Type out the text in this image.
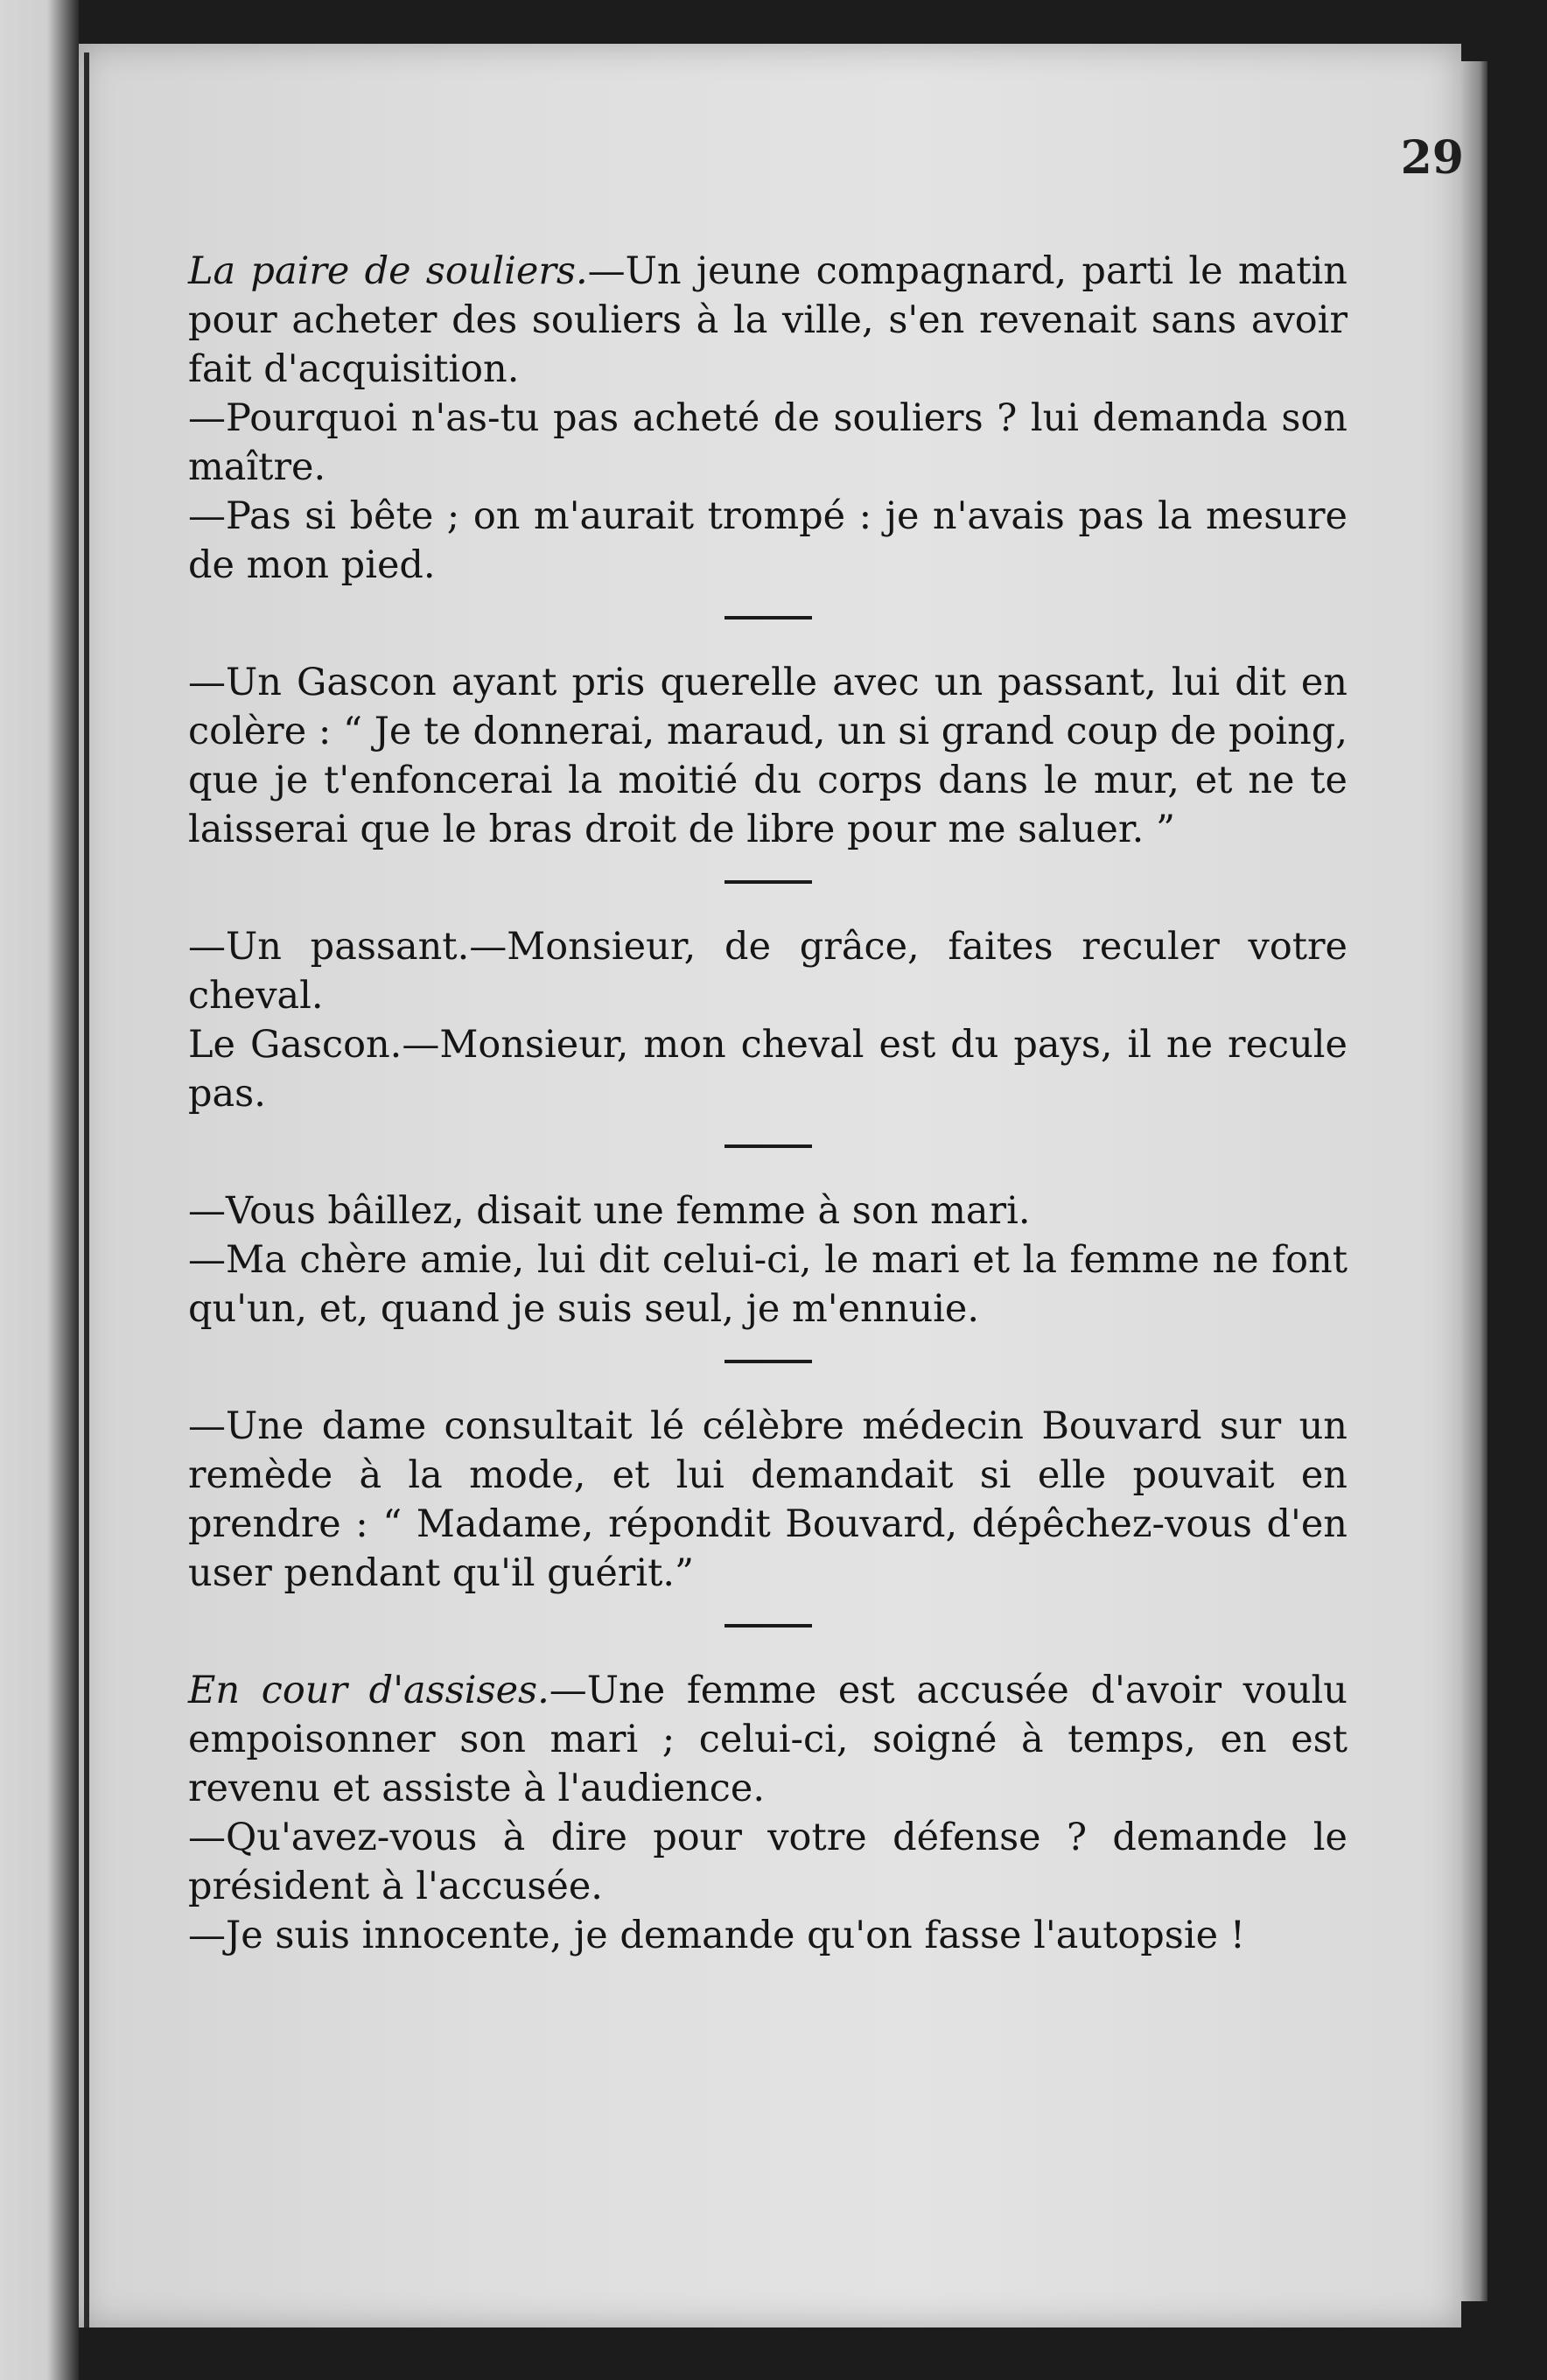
29

La paire de souliers.—Un jeune compagnard, parti le matin pour acheter des souliers à la ville, s'en revenait sans avoir fait d'acquisition.

—Pourquoi n'as-tu pas acheté de souliers ? lui demanda son maître.

—Pas si bête ; on m'aurait trompé : je n'avais pas la mesure de mon pied.

—Un Gascon ayant pris querelle avec un passant, lui dit en colère : “ Je te donnerai, maraud, un si grand coup de poing, que je t'enfoncerai la moitié du corps dans le mur, et ne te laisserai que le bras droit de libre pour me saluer. ”

—Un passant.—Monsieur, de grâce, faites reculer votre cheval.

Le Gascon.—Monsieur, mon cheval est du pays, il ne recule pas.

—Vous bâillez, disait une femme à son mari.

—Ma chère amie, lui dit celui-ci, le mari et la femme ne font qu'un, et, quand je suis seul, je m'ennuie.

—Une dame consultait lé célèbre médecin Bouvard sur un remède à la mode, et lui demandait si elle pouvait en prendre : “ Madame, répondit Bouvard, dépêchez-vous d'en user pendant qu'il guérit.”

En cour d'assises.—Une femme est accusée d'avoir voulu empoisonner son mari ; celui-ci, soigné à temps, en est revenu et assiste à l'audience.

—Qu'avez-vous à dire pour votre défense ? demande le président à l'accusée.

—Je suis innocente, je demande qu'on fasse l'autopsie !
